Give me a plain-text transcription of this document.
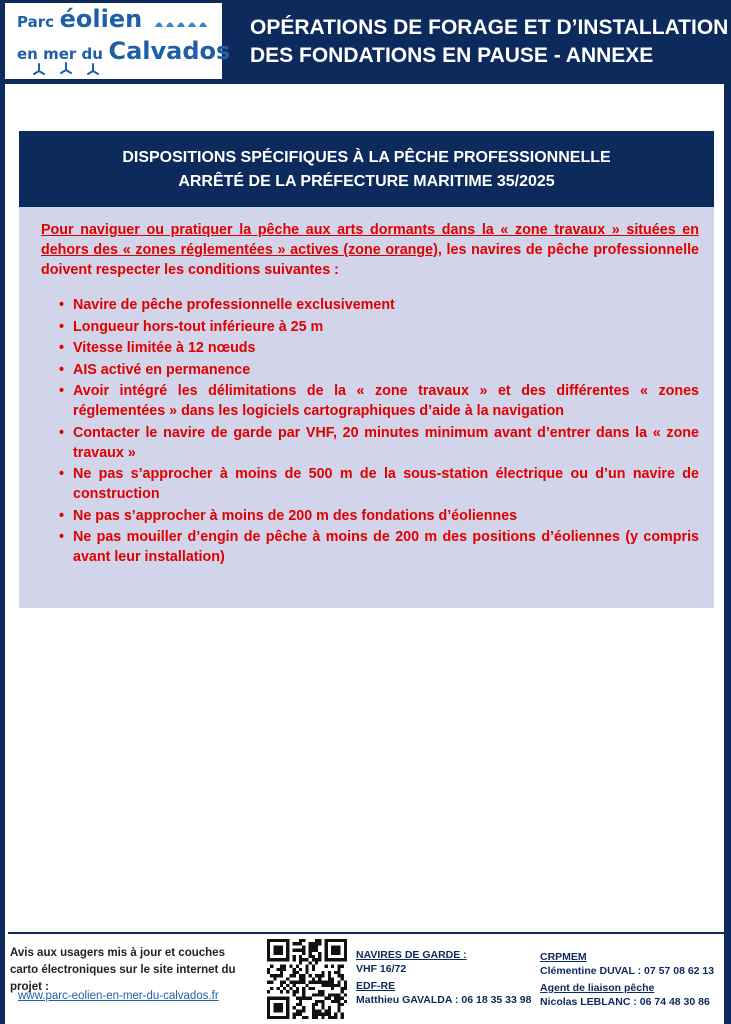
Parc éolien
en mer du Calvados
OPÉRATIONS DE FORAGE ET D’INSTALLATION
DES FONDATIONS EN PAUSE - ANNEXE
DISPOSITIONS SPÉCIFIQUES À LA PÊCHE PROFESSIONNELLE
ARRÊTÉ DE LA PRÉFECTURE MARITIME 35/2025
Pour naviguer ou pratiquer la pêche aux arts dormants dans la « zone travaux » situées en dehors des « zones réglementées » actives (zone orange), les navires de pêche professionnelle doivent respecter les conditions suivantes :
• Navire de pêche professionnelle exclusivement
• Longueur hors-tout inférieure à 25 m
• Vitesse limitée à 12 nœuds
• AIS activé en permanence
• Avoir intégré les délimitations de la « zone travaux » et des différentes « zones réglementées » dans les logiciels cartographiques d’aide à la navigation
• Contacter le navire de garde par VHF, 20 minutes minimum avant d’entrer dans la « zone travaux »
• Ne pas s’approcher à moins de 500 m de la sous-station électrique ou d’un navire de construction
• Ne pas s’approcher à moins de 200 m des fondations d’éoliennes
• Ne pas mouiller d’engin de pêche à moins de 200 m des positions d’éoliennes (y compris avant leur installation)
Avis aux usagers mis à jour et couches carto électroniques sur le site internet du projet :
www.parc-eolien-en-mer-du-calvados.fr
NAVIRES DE GARDE :
VHF 16/72
EDF-RE
Matthieu GAVALDA : 06 18 35 33 98
CRPMEM
Clémentine DUVAL : 07 57 08 62 13
Agent de liaison pêche
Nicolas LEBLANC : 06 74 48 30 86
